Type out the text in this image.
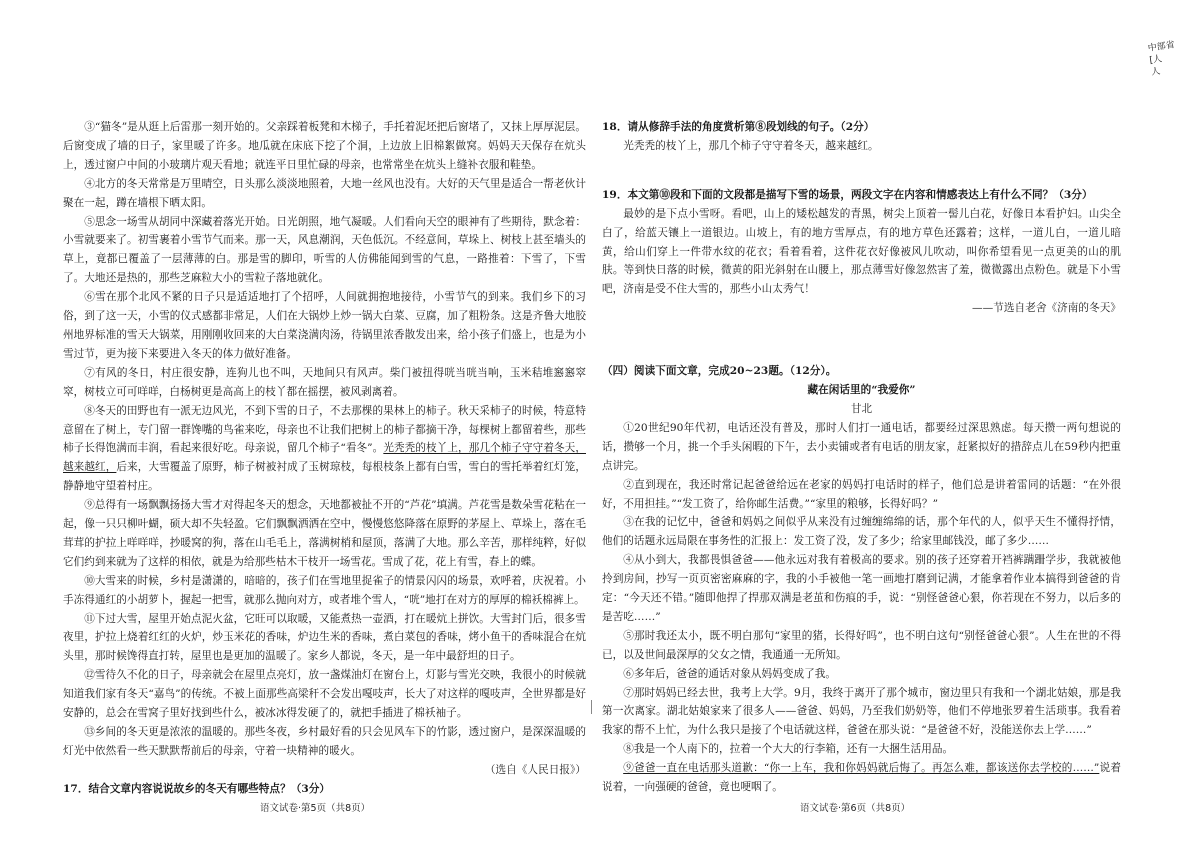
中部省
[人
人

③“猫冬”是从逛上后雷那一刻开始的。父亲踩着板凳和木梯子，手托着泥坯把后窗堵了，又抹上厚厚泥层。后窗变成了墙的日子，家里暖了许多。地瓜就在床底下挖了个洞，上边放上旧棉絮做窝。妈妈天天保存在炕头上，透过窗户中间的小玻璃片观天看地；就连平日里忙碌的母亲，也常常坐在炕头上缝补衣服和鞋垫。

④北方的冬天常常是万里晴空，日头那么淡淡地照着，大地一丝风也没有。大好的天气里是适合一帮老伙计聚在一起，蹲在墙根下晒太阳。

⑤思念一场雪从胡同中深藏着落光开始。日光朗照，地气凝暖。人们看向天空的眼神有了些期待，默念着：小雪就要来了。初雪裹着小雪节气而来。那一天，风息潮润，天色低沉。不经意间，草垛上、树枝上甚至墙头的草上，竟都已覆盖了一层薄薄的白。那是雪的脚印，听雪的人仿佛能闻到雪的气息，一路推着：下雪了，下雪了。大地还是热的，那些芝麻粒大小的雪粒子落地就化。

⑥雪在那个北风不紧的日子只是适适地打了个招呼，人间就拥抱地接待，小雪节气的到来。我们乡下的习俗，到了这一天，小雪的仪式感都非常足，人们在大锅炒上炒一锅大白菜、豆腐，加了粗粉条。这是齐鲁大地胶州地界标准的雪天大锅菜，用刚刚收回来的大白菜浇满肉汤，待锅里浓香散发出来，给小孩子们盛上，也是为小雪过节，更为接下来要进入冬天的体力做好准备。

⑦有风的冬日，村庄很安静，连狗儿也不叫，天地间只有风声。柴门被扭得咣当咣当响，玉米秸堆窸窸窣窣，树枝立可可咩咩，白杨树更是高高上的枝丫都在摇摆，被风剥离着。

⑧冬天的田野也有一派无边风光，不到下雪的日子，不去那棵的果林上的柿子。秋天采柿子的时候，特意特意留在了树上，专门留一群馋嘴的鸟雀来吃，母亲也不让我们把树上的柿子都摘干净，每棵树上都留着些，那些柿子长得饱满而丰润，看起来很好吃。母亲说，留几个柿子“看冬”。光秃秃的枝丫上，那几个柿子守守着冬天，越来越红，后来，大雪覆盖了原野，柿子树被衬成了玉树琼枝，每根枝条上都有白雪，雪白的雪托举着红灯笼，静静地守望着村庄。

⑨总得有一场飘飘扬扬大雪才对得起冬天的想念，天地都被扯不开的“芦花”填满。芦花雪是数朵雪花粘在一起，像一只只柳叶蝴，硕大却不失轻盈。它们飘飘洒洒在空中，慢慢悠悠降落在原野的茅屋上、草垛上，落在毛茸茸的护拉上咩咩咩，抄暖窝的狗，落在山毛毛上，落满树梢和屋顶，落满了大地。那么辛苦，那样纯粹，好似它们约到来就为了这样的相依，就是为给那些枯木干枝开一场雪花。雪成了花，花上有雪，春上的蝶。

⑩大雪来的时候，乡村是潇潇的，暗暗的，孩子们在雪地里捉雀子的情景闪闪的场景，欢呼着，庆祝着。小手冻得通红的小胡萝卜，握起一把雪，就那么抛向对方，或者堆个雪人，“咣”地打在对方的厚厚的棉袄棉裤上。

⑪下过大雪，屋里开始点泥火盆，它旺可以取暖，又能煮热一壶酒，打在暖炕上拼饮。大雪封门后，很多雪夜里，护拉上烧着红红的火炉，炒玉米花的香味，炉边生米的香味，煮白菜包的香味，烤小鱼干的香味混合在炕头里，那时候馋得直打转，屋里也是更加的温暖了。家乡人都说，冬天，是一年中最舒坦的日子。

⑫雪待久不化的日子，母亲就会在屋里点亮灯，放一盏煤油灯在窗台上，灯影与雪光交映，我很小的时候就知道我们家有冬天“嘉鸟”的传统。不被上面那些高梁秆不会发出嘎吱声，长大了对这样的嘎吱声，全世界都是好安静的，总会在雪窝子里好找到些什么，被冰冰得发硬了的，就把手插进了棉袄袖子。

⑬乡间的冬天更是浓浓的温暖的。那些冬夜，乡村最好看的只会见风车下的竹影，透过窗户，是深深温暖的灯光中依然看一些天默默帮前后的母亲，守着一块精神的暖火。

（选自《人民日报》）

17．结合文章内容说说故乡的冬天有哪些特点？（3分）

18．请从修辞手法的角度赏析第⑧段划线的句子。（2分）

光秃秃的枝丫上，那几个柿子守守着冬天，越来越红。

19．本文第⑩段和下面的文段都是描写下雪的场景，两段文字在内容和情感表达上有什么不同？（3分）

最妙的是下点小雪呀。看吧，山上的矮松越发的青黑，树尖上顶着一髻儿白花，好像日本看护妇。山尖全白了，给蓝天镶上一道银边。山坡上，有的地方雪厚点，有的地方草色还露着；这样，一道儿白，一道儿暗黄，给山们穿上一件带水纹的花衣；看着看着，这件花衣好像被风儿吹动，叫你希望看见一点更美的山的肌肤。等到快日落的时候，微黄的阳光斜射在山腰上，那点薄雪好像忽然害了羞，微微露出点粉色。就是下小雪吧，济南是受不住大雪的，那些小山太秀气！

——节选自老舍《济南的冬天》

（四）阅读下面文章，完成20~23题。（12分）。

藏在闲话里的“我爱你”

甘北

①20世纪90年代初，电话还没有普及，那时人们打一通电话，都要经过深思熟虑。每天攒一两句想说的话，攒够一个月，挑一个手头闲暇的下午，去小卖铺或者有电话的朋友家，赶紧拟好的措辞点儿在59秒内把重点讲完。

②直到现在，我还时常记起爸爸给远在老家的妈妈打电话时的样子，他们总是讲着雷同的话题：“在外很好，不用担挂。”“发工资了，给你邮生活费。”“家里的粮够，长得好吗？”

③在我的记忆中，爸爸和妈妈之间似乎从来没有过缠缠绵绵的话，那个年代的人，似乎天生不懂得抒情，他们的话题永远局限在事务性的汇报上：发工资了没，发了多少；给家里邮钱没，邮了多少……

④从小到大，我都畏惧爸爸——他永远对我有着极高的要求。别的孩子还穿着开裆裤蹒跚学步，我就被他拎到房间，抄写一页页密密麻麻的字，我的小手被他一笔一画地打磨到记满，才能拿着作业本搞得到爸爸的肯定：“今天还不错。”随即他捍了捍那双满是老茧和伤痕的手，说：“别怪爸爸心狠，你若现在不努力，以后多的是苦吃……”

⑤那时我还太小，既不明白那句“家里的猪，长得好吗”，也不明白这句“别怪爸爸心狠”。人生在世的不得已，以及世间最深厚的父女之情，我通通一无所知。

⑥多年后，爸爸的通话对象从妈妈变成了我。

⑦那时妈妈已经去世，我考上大学。9月，我终于离开了那个城市，窗边里只有我和一个湖北姑娘，那是我第一次离家。湖北姑娘家来了很多人——爸爸、妈妈，乃至我们奶奶等，他们不停地张罗着生活琐事。我看着我家的帮不上忙，为什么我只是接了个电话就这样，爸爸在那头说：“是爸爸不好，没能送你去上学……”

⑧我是一个人南下的，拉着一个大大的行李箱，还有一大捆生活用品。

⑨爸爸一直在电话那头道歉：“你一上车，我和你妈妈就后悔了。再怎么难，都该送你去学校的……”说着说着，一向强硬的爸爸，竟也哽咽了。

语文试卷·第5页（共8页）	语文试卷·第6页（共8页）
